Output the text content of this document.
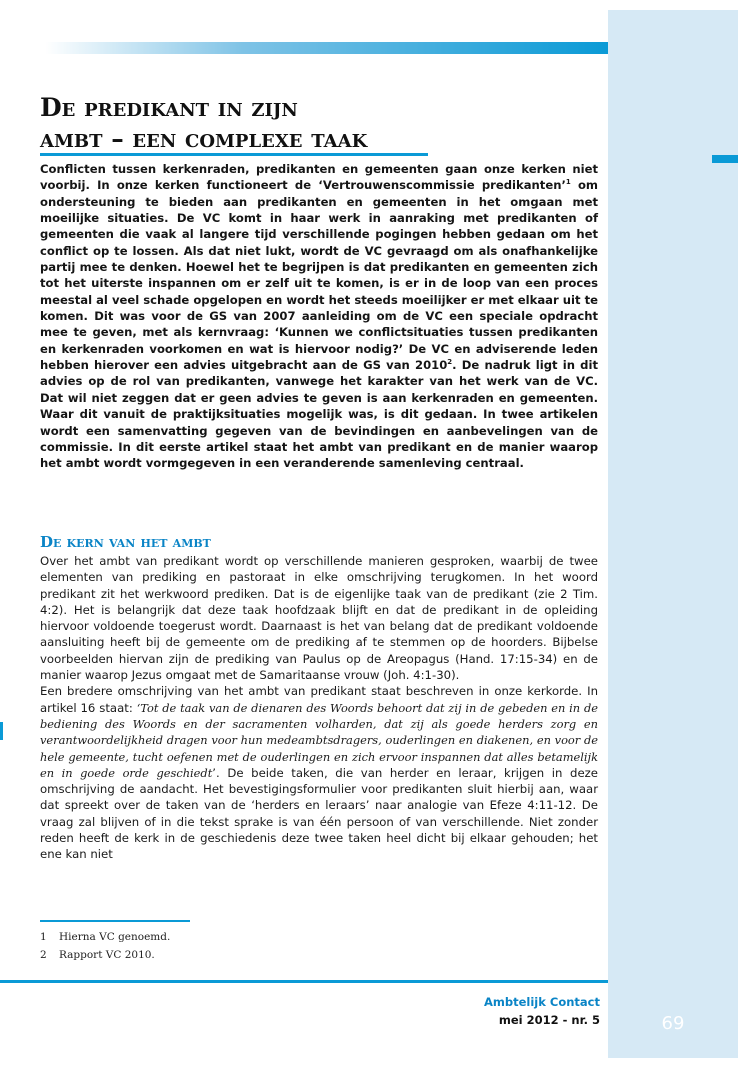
De predikant in zijn
ambt – een complexe taak

Conflicten tussen kerkenraden, predikanten en gemeenten gaan onze kerken niet voorbij. In onze kerken functioneert de ‘Vertrouwenscommissie predikanten’$^1$ om ondersteuning te bieden aan predikanten en gemeenten in het omgaan met moeilijke situaties. De VC komt in haar werk in aanraking met predikanten of gemeenten die vaak al langere tijd verschillende pogingen hebben gedaan om het conflict op te lossen. Als dat niet lukt, wordt de VC gevraagd om als onafhankelijke partij mee te denken. Hoewel het te begrijpen is dat predikanten en gemeenten zich tot het uiterste inspannen om er zelf uit te komen, is er in de loop van een proces meestal al veel schade opgelopen en wordt het steeds moeilijker er met elkaar uit te komen. Dit was voor de GS van 2007 aanleiding om de VC een speciale opdracht mee te geven, met als kernvraag: ‘Kunnen we conflictsituaties tussen predikanten en kerkenraden voorkomen en wat is hiervoor nodig?’ De VC en adviserende leden hebben hierover een advies uitgebracht aan de GS van 2010$^2$. De nadruk ligt in dit advies op de rol van predikanten, vanwege het karakter van het werk van de VC. Dat wil niet zeggen dat er geen advies te geven is aan kerkenraden en gemeenten. Waar dit vanuit de praktijksituaties mogelijk was, is dit gedaan. In twee artikelen wordt een samenvatting gegeven van de bevindingen en aanbevelingen van de commissie. In dit eerste artikel staat het ambt van predikant en de manier waarop het ambt wordt vormgegeven in een veranderende samenleving centraal.

De kern van het ambt

Over het ambt van predikant wordt op verschillende manieren gesproken, waarbij de twee elementen van prediking en pastoraat in elke omschrijving terugkomen. In het woord predikant zit het werkwoord prediken. Dat is de eigenlijke taak van de predikant (zie 2 Tim. 4:2). Het is belangrijk dat deze taak hoofdzaak blijft en dat de predikant in de opleiding hiervoor voldoende toegerust wordt. Daarnaast is het van belang dat de predikant voldoende aansluiting heeft bij de gemeente om de prediking af te stemmen op de hoorders. Bijbelse voorbeelden hiervan zijn de prediking van Paulus op de Areopagus (Hand. 17:15-34) en de manier waarop Jezus omgaat met de Samaritaanse vrouw (Joh. 4:1-30).

Een bredere omschrijving van het ambt van predikant staat beschreven in onze kerkorde. In artikel 16 staat: ‘Tot de taak van de dienaren des Woords behoort dat zij in de gebeden en in de bediening des Woords en der sacramenten volharden, dat zij als goede herders zorg en verantwoordelijkheid dragen voor hun medeambtsdragers, ouderlingen en diakenen, en voor de hele gemeente, tucht oefenen met de ouderlingen en zich ervoor inspannen dat alles betamelijk en in goede orde geschiedt’. De beide taken, die van herder en leraar, krijgen in deze omschrijving de aandacht. Het bevestigingsformulier voor predikanten sluit hierbij aan, waar dat spreekt over de taken van de ‘herders en leraars’ naar analogie van Efeze 4:11-12. De vraag zal blijven of in die tekst sprake is van één persoon of van verschillende. Niet zonder reden heeft de kerk in de geschiedenis deze twee taken heel dicht bij elkaar gehouden; het ene kan niet

1 Hierna VC genoemd.
2 Rapport VC 2010.
Ambtelijk Contact
mei 2012 - nr. 5	69
